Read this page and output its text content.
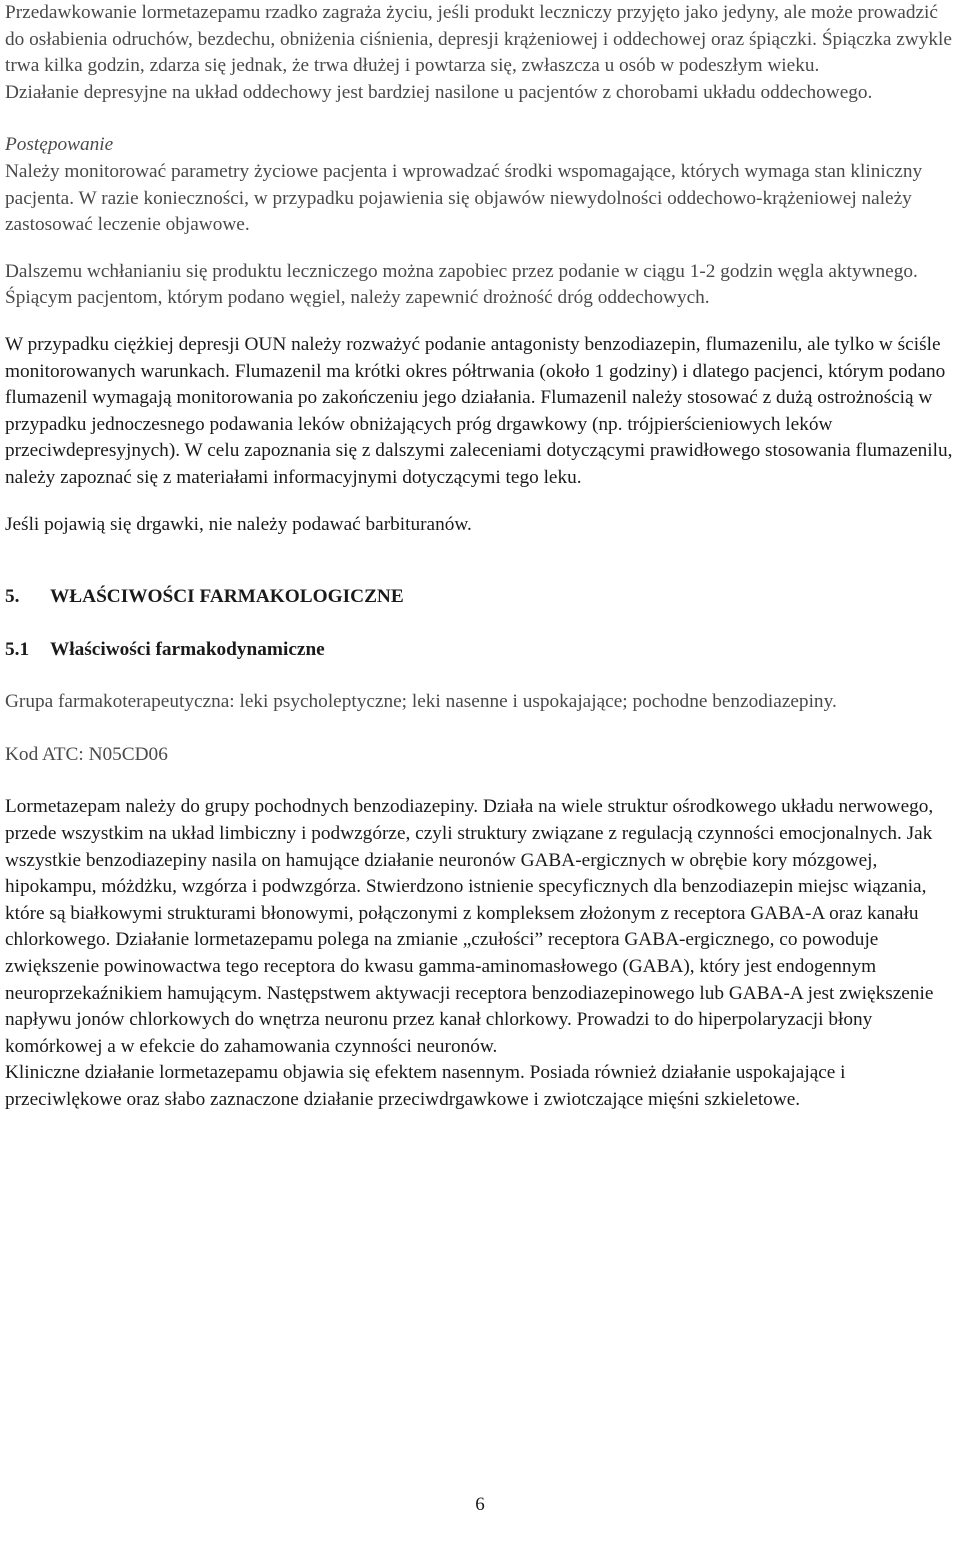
Przedawkowanie lormetazepamu rzadko zagraża życiu, jeśli produkt leczniczy przyjęto jako jedyny, ale może prowadzić do osłabienia odruchów, bezdechu, obniżenia ciśnienia, depresji krążeniowej i oddechowej oraz śpiączki. Śpiączka zwykle trwa kilka godzin, zdarza się jednak, że trwa dłużej i powtarza się, zwłaszcza u osób w podeszłym wieku.

Działanie depresyjne na układ oddechowy jest bardziej nasilone u pacjentów z chorobami układu oddechowego.

Postępowanie

Należy monitorować parametry życiowe pacjenta i wprowadzać środki wspomagające, których wymaga stan kliniczny pacjenta. W razie konieczności, w przypadku pojawienia się objawów niewydolności oddechowo-krążeniowej należy zastosować leczenie objawowe.

Dalszemu wchłanianiu się produktu leczniczego można zapobiec przez podanie w ciągu 1-2 godzin węgla aktywnego. Śpiącym pacjentom, którym podano węgiel, należy zapewnić drożność dróg oddechowych.

W przypadku ciężkiej depresji OUN należy rozważyć podanie antagonisty benzodiazepin, flumazenilu, ale tylko w ściśle monitorowanych warunkach. Flumazenil ma krótki okres półtrwania (około 1 godziny) i dlatego pacjenci, którym podano flumazenil wymagają monitorowania po zakończeniu jego działania. Flumazenil należy stosować z dużą ostrożnością w przypadku jednoczesnego podawania leków obniżających próg drgawkowy (np. trójpierścieniowych leków przeciwdepresyjnych). W celu zapoznania się z dalszymi zaleceniami dotyczącymi prawidłowego stosowania flumazenilu, należy zapoznać się z materiałami informacyjnymi dotyczącymi tego leku.

Jeśli pojawią się drgawki, nie należy podawać barbituranów.

5. WŁAŚCIWOŚCI FARMAKOLOGICZNE

5.1 Właściwości farmakodynamiczne

Grupa farmakoterapeutyczna: leki psycholeptyczne; leki nasenne i uspokajające; pochodne benzodiazepiny.

Kod ATC: N05CD06

Lormetazepam należy do grupy pochodnych benzodiazepiny. Działa na wiele struktur ośrodkowego układu nerwowego, przede wszystkim na układ limbiczny i podwzgórze, czyli struktury związane z regulacją czynności emocjonalnych. Jak wszystkie benzodiazepiny nasila on hamujące działanie neuronów GABA-ergicznych w obrębie kory mózgowej, hipokampu, móżdżku, wzgórza i podwzgórza. Stwierdzono istnienie specyficznych dla benzodiazepin miejsc wiązania, które są białkowymi strukturami błonowymi, połączonymi z kompleksem złożonym z receptora GABA-A oraz kanału chlorkowego. Działanie lormetazepamu polega na zmianie „czułości” receptora GABA-ergicznego, co powoduje zwiększenie powinowactwa tego receptora do kwasu gamma-aminomasłowego (GABA), który jest endogennym neuroprzekaźnikiem hamującym. Następstwem aktywacji receptora benzodiazepinowego lub GABA-A jest zwiększenie napływu jonów chlorkowych do wnętrza neuronu przez kanał chlorkowy. Prowadzi to do hiperpolaryzacji błony komórkowej a w efekcie do zahamowania czynności neuronów.

Kliniczne działanie lormetazepamu objawia się efektem nasennym. Posiada również działanie uspokajające i przeciwlękowe oraz słabo zaznaczone działanie przeciwdrgawkowe i zwiotczające mięśni szkieletowe.

6
